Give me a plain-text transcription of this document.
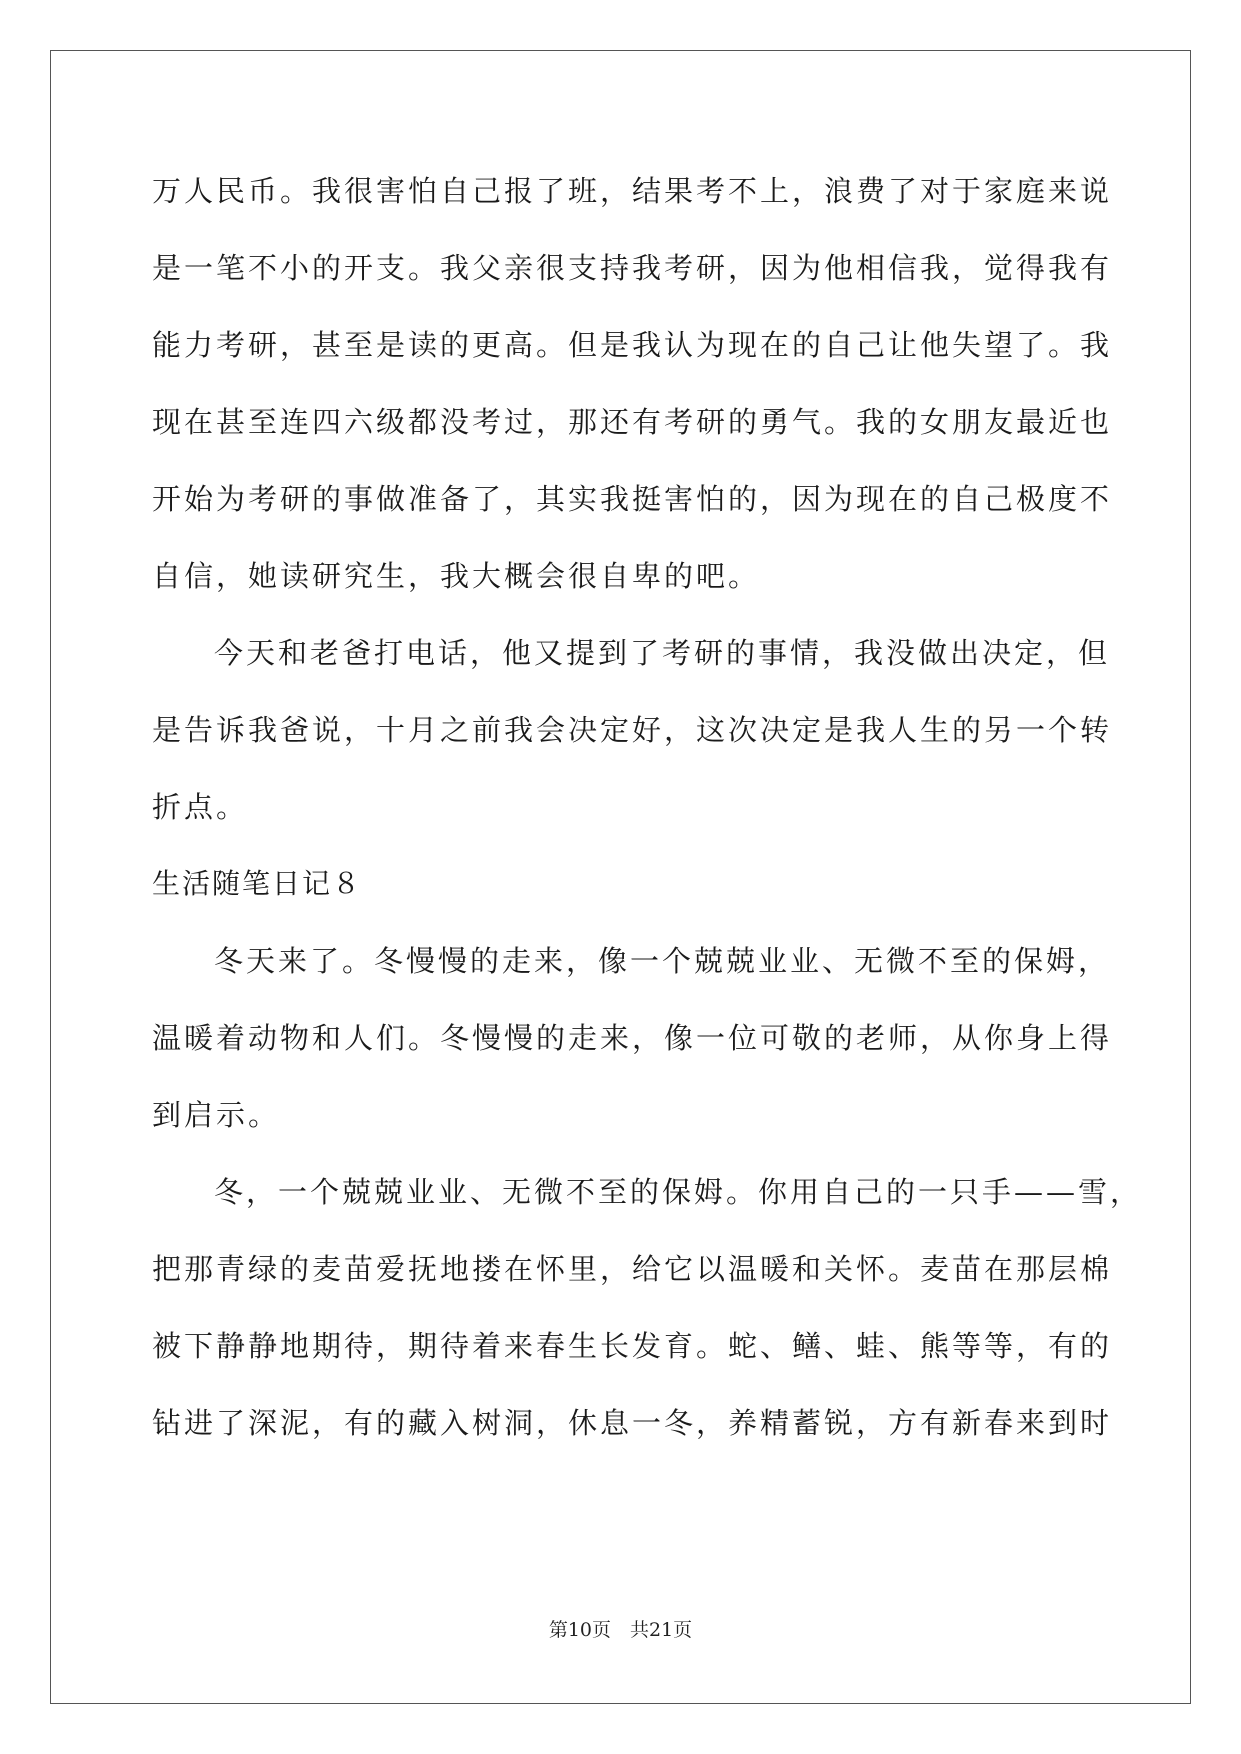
万人民币。我很害怕自己报了班，结果考不上，浪费了对于家庭来说
是一笔不小的开支。我父亲很支持我考研，因为他相信我，觉得我有
能力考研，甚至是读的更高。但是我认为现在的自己让他失望了。我
现在甚至连四六级都没考过，那还有考研的勇气。我的女朋友最近也
开始为考研的事做准备了，其实我挺害怕的，因为现在的自己极度不
自信，她读研究生，我大概会很自卑的吧。
今天和老爸打电话，他又提到了考研的事情，我没做出决定，但
是告诉我爸说，十月之前我会决定好，这次决定是我人生的另一个转
折点。
生活随笔日记８
冬天来了。冬慢慢的走来，像一个兢兢业业、无微不至的保姆，
温暖着动物和人们。冬慢慢的走来，像一位可敬的老师，从你身上得
到启示。
冬，一个兢兢业业、无微不至的保姆。你用自己的一只手——雪，
把那青绿的麦苗爱抚地搂在怀里，给它以温暖和关怀。麦苗在那层棉
被下静静地期待，期待着来春生长发育。蛇、鳝、蛙、熊等等，有的
钻进了深泥，有的藏入树洞，休息一冬，养精蓄锐，方有新春来到时
第10页　共21页
